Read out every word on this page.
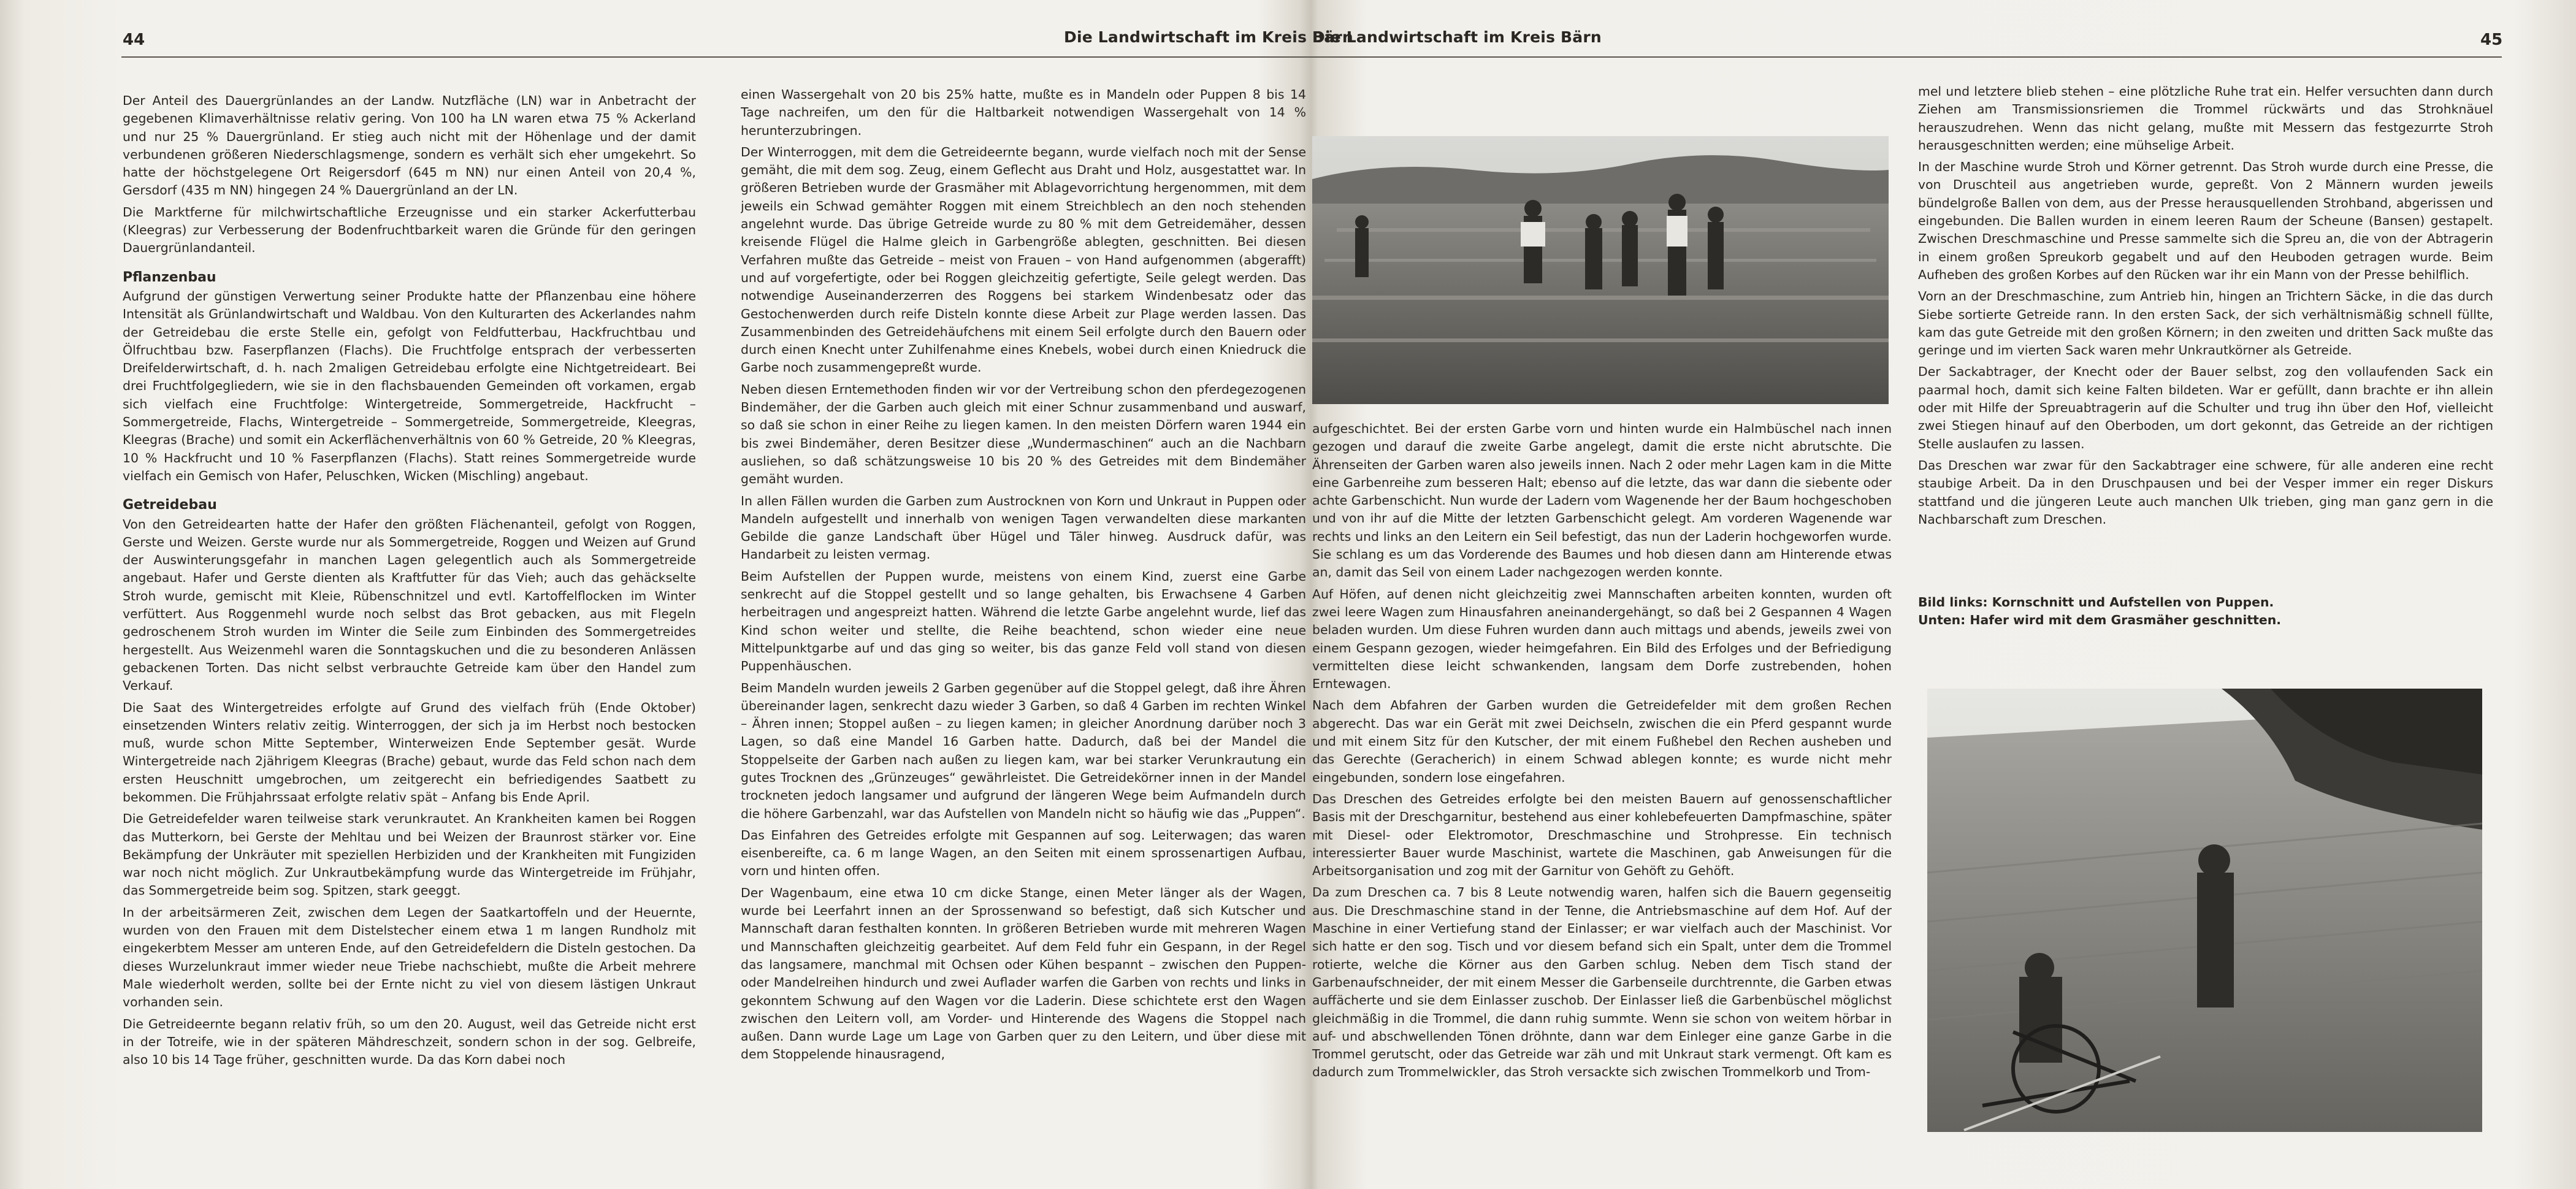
44	Die Landwirtschaft im Kreis Bärn

Der Anteil des Dauergrünlandes an der Landw. Nutzfläche (LN) war in Anbetracht der gegebenen Klimaverhältnisse relativ gering. Von 100 ha LN waren etwa 75 % Ackerland und nur 25 % Dauergrünland. Er stieg auch nicht mit der Höhenlage und der damit verbundenen größeren Niederschlagsmenge, sondern es verhält sich eher umgekehrt. So hatte der höchstgelegene Ort Reigersdorf (645 m NN) nur einen Anteil von 20,4 %, Gersdorf (435 m NN) hingegen 24 % Dauergrünland an der LN.

Die Marktferne für milchwirtschaftliche Erzeugnisse und ein starker Ackerfutterbau (Kleegras) zur Verbesserung der Bodenfruchtbarkeit waren die Gründe für den geringen Dauergrünlandanteil.

Pflanzenbau

Aufgrund der günstigen Verwertung seiner Produkte hatte der Pflanzenbau eine höhere Intensität als Grünlandwirtschaft und Waldbau. Von den Kulturarten des Ackerlandes nahm der Getreidebau die erste Stelle ein, gefolgt von Feldfutterbau, Hackfruchtbau und Ölfruchtbau bzw. Faserpflanzen (Flachs). Die Fruchtfolge entsprach der verbesserten Dreifelderwirtschaft, d. h. nach 2maligen Getreidebau erfolgte eine Nichtgetreideart. Bei drei Fruchtfolgegliedern, wie sie in den flachsbauenden Gemeinden oft vorkamen, ergab sich vielfach eine Fruchtfolge: Wintergetreide, Sommergetreide, Hackfrucht – Sommergetreide, Flachs, Wintergetreide – Sommergetreide, Sommergetreide, Kleegras, Kleegras (Brache) und somit ein Ackerflächenverhältnis von 60 % Getreide, 20 % Kleegras, 10 % Hackfrucht und 10 % Faserpflanzen (Flachs). Statt reines Sommergetreide wurde vielfach ein Gemisch von Hafer, Peluschken, Wicken (Mischling) angebaut.

Getreidebau

Von den Getreidearten hatte der Hafer den größten Flächenanteil, gefolgt von Roggen, Gerste und Weizen. Gerste wurde nur als Sommergetreide, Roggen und Weizen auf Grund der Auswinterungsgefahr in manchen Lagen gelegentlich auch als Sommergetreide angebaut. Hafer und Gerste dienten als Kraftfutter für das Vieh; auch das gehäckselte Stroh wurde, gemischt mit Kleie, Rübenschnitzel und evtl. Kartoffelflocken im Winter verfüttert. Aus Roggenmehl wurde noch selbst das Brot gebacken, aus mit Flegeln gedroschenem Stroh wurden im Winter die Seile zum Einbinden des Sommergetreides hergestellt. Aus Weizenmehl waren die Sonntagskuchen und die zu besonderen Anlässen gebackenen Torten. Das nicht selbst verbrauchte Getreide kam über den Handel zum Verkauf.

Die Saat des Wintergetreides erfolgte auf Grund des vielfach früh (Ende Oktober) einsetzenden Winters relativ zeitig. Winterroggen, der sich ja im Herbst noch bestocken muß, wurde schon Mitte September, Winterweizen Ende September gesät. Wurde Wintergetreide nach 2jährigem Kleegras (Brache) gebaut, wurde das Feld schon nach dem ersten Heuschnitt umgebrochen, um zeitgerecht ein befriedigendes Saatbett zu bekommen. Die Frühjahrssaat erfolgte relativ spät – Anfang bis Ende April.

Die Getreidefelder waren teilweise stark verunkrautet. An Krankheiten kamen bei Roggen das Mutterkorn, bei Gerste der Mehltau und bei Weizen der Braunrost stärker vor. Eine Bekämpfung der Unkräuter mit speziellen Herbiziden und der Krankheiten mit Fungiziden war noch nicht möglich. Zur Unkrautbekämpfung wurde das Wintergetreide im Frühjahr, das Sommergetreide beim sog. Spitzen, stark geeggt.

In der arbeitsärmeren Zeit, zwischen dem Legen der Saatkartoffeln und der Heuernte, wurden von den Frauen mit dem Distelstecher einem etwa 1 m langen Rundholz mit eingekerbtem Messer am unteren Ende, auf den Getreidefeldern die Disteln gestochen. Da dieses Wurzelunkraut immer wieder neue Triebe nachschiebt, mußte die Arbeit mehrere Male wiederholt werden, sollte bei der Ernte nicht zu viel von diesem lästigen Unkraut vorhanden sein.

Die Getreideernte begann relativ früh, so um den 20. August, weil das Getreide nicht erst in der Totreife, wie in der späteren Mähdreschzeit, sondern schon in der sog. Gelbreife, also 10 bis 14 Tage früher, geschnitten wurde. Da das Korn dabei noch

einen Wassergehalt von 20 bis 25% hatte, mußte es in Mandeln oder Puppen 8 bis 14 Tage nachreifen, um den für die Haltbarkeit notwendigen Wassergehalt von 14 % herunterzubringen.

Der Winterroggen, mit dem die Getreideernte begann, wurde vielfach noch mit der Sense gemäht, die mit dem sog. Zeug, einem Geflecht aus Draht und Holz, ausgestattet war. In größeren Betrieben wurde der Grasmäher mit Ablagevorrichtung hergenommen, mit dem jeweils ein Schwad gemähter Roggen mit einem Streichblech an den noch stehenden angelehnt wurde. Das übrige Getreide wurde zu 80 % mit dem Getreidemäher, dessen kreisende Flügel die Halme gleich in Garbengröße ablegten, geschnitten. Bei diesen Verfahren mußte das Getreide – meist von Frauen – von Hand aufgenommen (abgerafft) und auf vorgefertigte, oder bei Roggen gleichzeitig gefertigte, Seile gelegt werden. Das notwendige Auseinanderzerren des Roggens bei starkem Windenbesatz oder das Gestochenwerden durch reife Disteln konnte diese Arbeit zur Plage werden lassen. Das Zusammenbinden des Getreidehäufchens mit einem Seil erfolgte durch den Bauern oder durch einen Knecht unter Zuhilfenahme eines Knebels, wobei durch einen Kniedruck die Garbe noch zusammengepreßt wurde.

Neben diesen Erntemethoden finden wir vor der Vertreibung schon den pferdegezogenen Bindemäher, der die Garben auch gleich mit einer Schnur zusammenband und auswarf, so daß sie schon in einer Reihe zu liegen kamen. In den meisten Dörfern waren 1944 ein bis zwei Bindemäher, deren Besitzer diese „Wundermaschinen“ auch an die Nachbarn ausliehen, so daß schätzungsweise 10 bis 20 % des Getreides mit dem Bindemäher gemäht wurden.

In allen Fällen wurden die Garben zum Austrocknen von Korn und Unkraut in Puppen oder Mandeln aufgestellt und innerhalb von wenigen Tagen verwandelten diese markanten Gebilde die ganze Landschaft über Hügel und Täler hinweg. Ausdruck dafür, was Handarbeit zu leisten vermag.

Beim Aufstellen der Puppen wurde, meistens von einem Kind, zuerst eine Garbe senkrecht auf die Stoppel gestellt und so lange gehalten, bis Erwachsene 4 Garben herbeitragen und angespreizt hatten. Während die letzte Garbe angelehnt wurde, lief das Kind schon weiter und stellte, die Reihe beachtend, schon wieder eine neue Mittelpunktgarbe auf und das ging so weiter, bis das ganze Feld voll stand von diesen Puppenhäuschen.

Beim Mandeln wurden jeweils 2 Garben gegenüber auf die Stoppel gelegt, daß ihre Ähren übereinander lagen, senkrecht dazu wieder 3 Garben, so daß 4 Garben im rechten Winkel – Ähren innen; Stoppel außen – zu liegen kamen; in gleicher Anordnung darüber noch 3 Lagen, so daß eine Mandel 16 Garben hatte. Dadurch, daß bei der Mandel die Stoppelseite der Garben nach außen zu liegen kam, war bei starker Verunkrautung ein gutes Trocknen des „Grünzeuges“ gewährleistet. Die Getreidekörner innen in der Mandel trockneten jedoch langsamer und aufgrund der längeren Wege beim Aufmandeln durch die höhere Garbenzahl, war das Aufstellen von Mandeln nicht so häufig wie das „Puppen“.

Das Einfahren des Getreides erfolgte mit Gespannen auf sog. Leiterwagen; das waren eisenbereifte, ca. 6 m lange Wagen, an den Seiten mit einem sprossenartigen Aufbau, vorn und hinten offen.

Der Wagenbaum, eine etwa 10 cm dicke Stange, einen Meter länger als der Wagen, wurde bei Leerfahrt innen an der Sprossenwand so befestigt, daß sich Kutscher und Mannschaft daran festhalten konnten. In größeren Betrieben wurde mit mehreren Wagen und Mannschaften gleichzeitig gearbeitet. Auf dem Feld fuhr ein Gespann, in der Regel das langsamere, manchmal mit Ochsen oder Kühen bespannt – zwischen den Puppen- oder Mandelreihen hindurch und zwei Auflader warfen die Garben von rechts und links in gekonntem Schwung auf den Wagen vor die Laderin. Diese schichtete erst den Wagen zwischen den Leitern voll, am Vorder- und Hinterende des Wagens die Stoppel nach außen. Dann wurde Lage um Lage von Garben quer zu den Leitern, und über diese mit dem Stoppelende hinausragend,

Die Landwirtschaft im Kreis Bärn	45

aufgeschichtet. Bei der ersten Garbe vorn und hinten wurde ein Halmbüschel nach innen gezogen und darauf die zweite Garbe angelegt, damit die erste nicht abrutschte. Die Ährenseiten der Garben waren also jeweils innen. Nach 2 oder mehr Lagen kam in die Mitte eine Garbenreihe zum besseren Halt; ebenso auf die letzte, das war dann die siebente oder achte Garbenschicht. Nun wurde der Ladern vom Wagenende her der Baum hochgeschoben und von ihr auf die Mitte der letzten Garbenschicht gelegt. Am vorderen Wagenende war rechts und links an den Leitern ein Seil befestigt, das nun der Laderin hochgeworfen wurde. Sie schlang es um das Vorderende des Baumes und hob diesen dann am Hinterende etwas an, damit das Seil von einem Lader nachgezogen werden konnte.

Auf Höfen, auf denen nicht gleichzeitig zwei Mannschaften arbeiten konnten, wurden oft zwei leere Wagen zum Hinausfahren aneinandergehängt, so daß bei 2 Gespannen 4 Wagen beladen wurden. Um diese Fuhren wurden dann auch mittags und abends, jeweils zwei von einem Gespann gezogen, wieder heimgefahren. Ein Bild des Erfolges und der Befriedigung vermittelten diese leicht schwankenden, langsam dem Dorfe zustrebenden, hohen Erntewagen.

Nach dem Abfahren der Garben wurden die Getreidefelder mit dem großen Rechen abgerecht. Das war ein Gerät mit zwei Deichseln, zwischen die ein Pferd gespannt wurde und mit einem Sitz für den Kutscher, der mit einem Fußhebel den Rechen ausheben und das Gerechte (Geracherich) in einem Schwad ablegen konnte; es wurde nicht mehr eingebunden, sondern lose eingefahren.

Das Dreschen des Getreides erfolgte bei den meisten Bauern auf genossenschaftlicher Basis mit der Dreschgarnitur, bestehend aus einer kohlebefeuerten Dampfmaschine, später mit Diesel- oder Elektromotor, Dreschmaschine und Strohpresse. Ein technisch interessierter Bauer wurde Maschinist, wartete die Maschinen, gab Anweisungen für die Arbeitsorganisation und zog mit der Garnitur von Gehöft zu Gehöft.

Da zum Dreschen ca. 7 bis 8 Leute notwendig waren, halfen sich die Bauern gegenseitig aus. Die Dreschmaschine stand in der Tenne, die Antriebsmaschine auf dem Hof. Auf der Maschine in einer Vertiefung stand der Einlasser; er war vielfach auch der Maschinist. Vor sich hatte er den sog. Tisch und vor diesem befand sich ein Spalt, unter dem die Trommel rotierte, welche die Körner aus den Garben schlug. Neben dem Tisch stand der Garbenaufschneider, der mit einem Messer die Garbenseile durchtrennte, die Garben etwas auffächerte und sie dem Einlasser zuschob. Der Einlasser ließ die Garbenbüschel möglichst gleichmäßig in die Trommel, die dann ruhig summte. Wenn sie schon von weitem hörbar in auf- und abschwellenden Tönen dröhnte, dann war dem Einleger eine ganze Garbe in die Trommel gerutscht, oder das Getreide war zäh und mit Unkraut stark vermengt. Oft kam es dadurch zum Trommelwickler, das Stroh versackte sich zwischen Trommelkorb und Trom-

mel und letztere blieb stehen – eine plötzliche Ruhe trat ein. Helfer versuchten dann durch Ziehen am Transmissionsriemen die Trommel rückwärts und das Strohknäuel herauszudrehen. Wenn das nicht gelang, mußte mit Messern das festgezurrte Stroh herausgeschnitten werden; eine mühselige Arbeit.

In der Maschine wurde Stroh und Körner getrennt. Das Stroh wurde durch eine Presse, die von Druschteil aus angetrieben wurde, gepreßt. Von 2 Männern wurden jeweils bündelgroße Ballen von dem, aus der Presse herausquellenden Strohband, abgerissen und eingebunden. Die Ballen wurden in einem leeren Raum der Scheune (Bansen) gestapelt. Zwischen Dreschmaschine und Presse sammelte sich die Spreu an, die von der Abtragerin in einem großen Spreukorb gegabelt und auf den Heuboden getragen wurde. Beim Aufheben des großen Korbes auf den Rücken war ihr ein Mann von der Presse behilflich.

Vorn an der Dreschmaschine, zum Antrieb hin, hingen an Trichtern Säcke, in die das durch Siebe sortierte Getreide rann. In den ersten Sack, der sich verhältnismäßig schnell füllte, kam das gute Getreide mit den großen Körnern; in den zweiten und dritten Sack mußte das geringe und im vierten Sack waren mehr Unkrautkörner als Getreide.

Der Sackabtrager, der Knecht oder der Bauer selbst, zog den vollaufenden Sack ein paarmal hoch, damit sich keine Falten bildeten. War er gefüllt, dann brachte er ihn allein oder mit Hilfe der Spreuabtragerin auf die Schulter und trug ihn über den Hof, vielleicht zwei Stiegen hinauf auf den Oberboden, um dort gekonnt, das Getreide an der richtigen Stelle auslaufen zu lassen.

Das Dreschen war zwar für den Sackabtrager eine schwere, für alle anderen eine recht staubige Arbeit. Da in den Druschpausen und bei der Vesper immer ein reger Diskurs stattfand und die jüngeren Leute auch manchen Ulk trieben, ging man ganz gern in die Nachbarschaft zum Dreschen.

Bild links: Kornschnitt und Aufstellen von Puppen.
Unten: Hafer wird mit dem Grasmäher geschnitten.
